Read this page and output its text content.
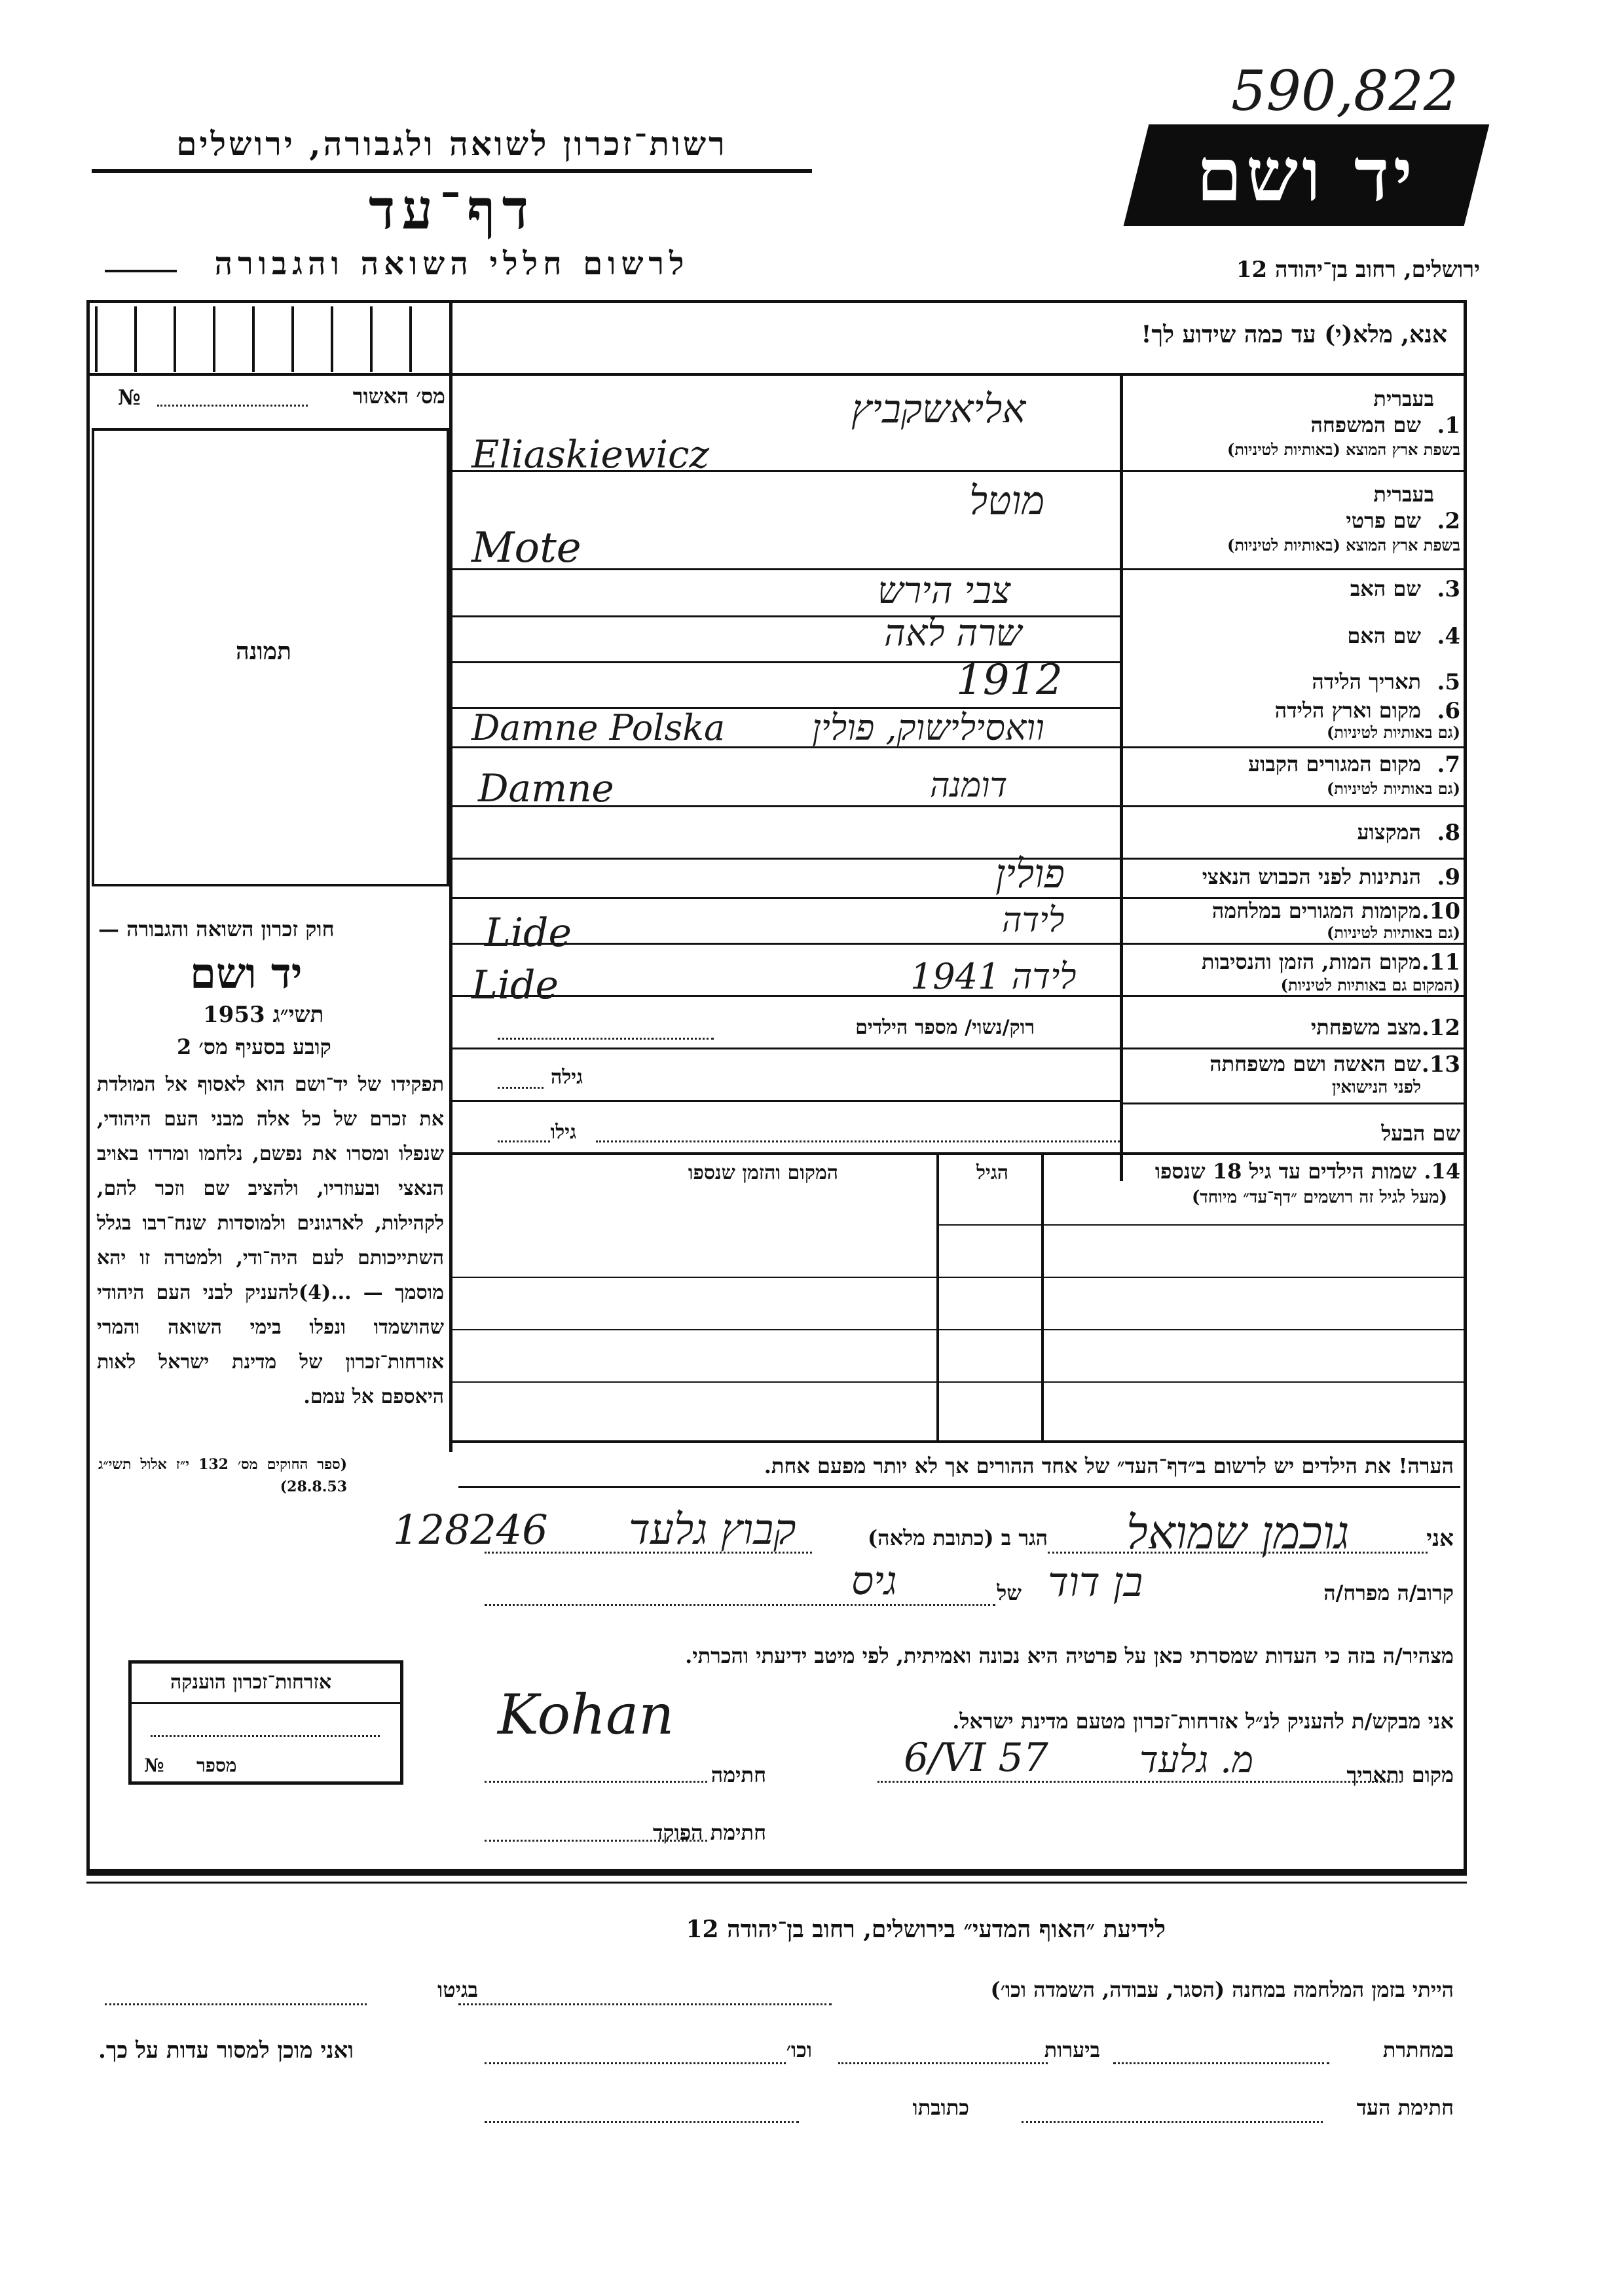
590,822
רשות־זכרון לשואה ולגבורה, ירושלים
דף־עד
לרשום חללי השואה והגבורה
יד ושם
ירושלים, רחוב בן־יהודה 12
אנא, מלא(י) עד כמה שידוע לך!
מס׳ האשור
№
תמונה
בעברית
1.
שם המשפחה
בשפת ארץ המוצא (באותיות לטיניות)
בעברית
2.
שם פרטי
בשפת ארץ המוצא (באותיות לטיניות)
3.
שם האב
4.
שם האם
5.
תאריך הלידה
6.
מקום וארץ הלידה
(גם באותיות לטיניות)
7.
מקום המגורים הקבוע
(גם באותיות לטיניות)
8.
המקצוע
9.
הנתינות לפני הכבוש הנאצי
10.
מקומות המגורים במלחמה
(גם באותיות לטיניות)
11.
מקום המות, הזמן והנסיבות
(המקום גם באותיות לטיניות)
12.
מצב משפחתי
13.
שם האשה ושם משפחתה
לפני הנישואין
שם הבעל
אליאשקביץ
Eliaskiewicz
מוטל
Mote
צבי הירש
שרה לאה
1912
וואסילישוק, פולין
Damne Polska
דומנה
Damne
פולין
לידה
Lide
לידה 1941
Lide
רוק/נשוי/ מספר הילדים
גילה
גילו
14. שמות הילדים עד גיל 18 שנספו
(מעל לגיל זה רושמים ״דף־עד״ מיוחד)
הגיל
המקום והזמן שנספו
הערה! את הילדים יש לרשום ב״דף־העד״ של אחד ההורים אך לא יותר מפעם אחת.
חוק זכרון השואה והגבורה —
יד ושם
תשי״ג 1953
קובע בסעיף מס׳ 2
תפקידו של יד־ושם הוא לאסוף אל המולדת את זכרם של כל אלה מבני העם היהודי, שנפלו ומסרו את נפשם, נלחמו ומרדו באויב הנאצי ובעוזריו, ולהציב שם וזכר להם, לקהילות, לארגונים ולמוסדות שנח־רבו בגלל השתייכותם לעם היה־ודי, ולמטרה זו יהא מוסמך — ...(4)להעניק לבני העם היהודי שהושמדו ונפלו בימי השואה והמרי אזרחות־זכרון של מדינת ישראל לאות היאספם אל עמם.
(ספר החוקים מס׳ 132 י״ז אלול תשי״ג 28.8.53)
אני
גוכמן שמואל
הגר ב (כתובת מלאה)
קבוץ גלעד
128246
קרוב/ה מפרח/ה
בן דוד
של
גיס
מצהיר/ה בזה כי העדות שמסרתי כאן על פרטיה היא נכונה ואמיתית, לפי מיטב ידיעתי והכרתי.
אני מבקש/ת להעניק לנ״ל אזרחות־זכרון מטעם מדינת ישראל.
Kohan
מקום ותאריך
מ. גלעד
6/VI 57
חתימה
חתימת הפוקד
אזרחות־זכרון הוענקה
מספר
№
לידיעת ״האוף המדעי״ בירושלים, רחוב בן־יהודה 12
הייתי בזמן המלחמה במחנה (הסגר, עבודה, השמדה וכו׳)
בגיטו
במחתרת
ביערות
וכו׳
ואני מוכן למסור עדות על כך.
חתימת העד
כתובתו
